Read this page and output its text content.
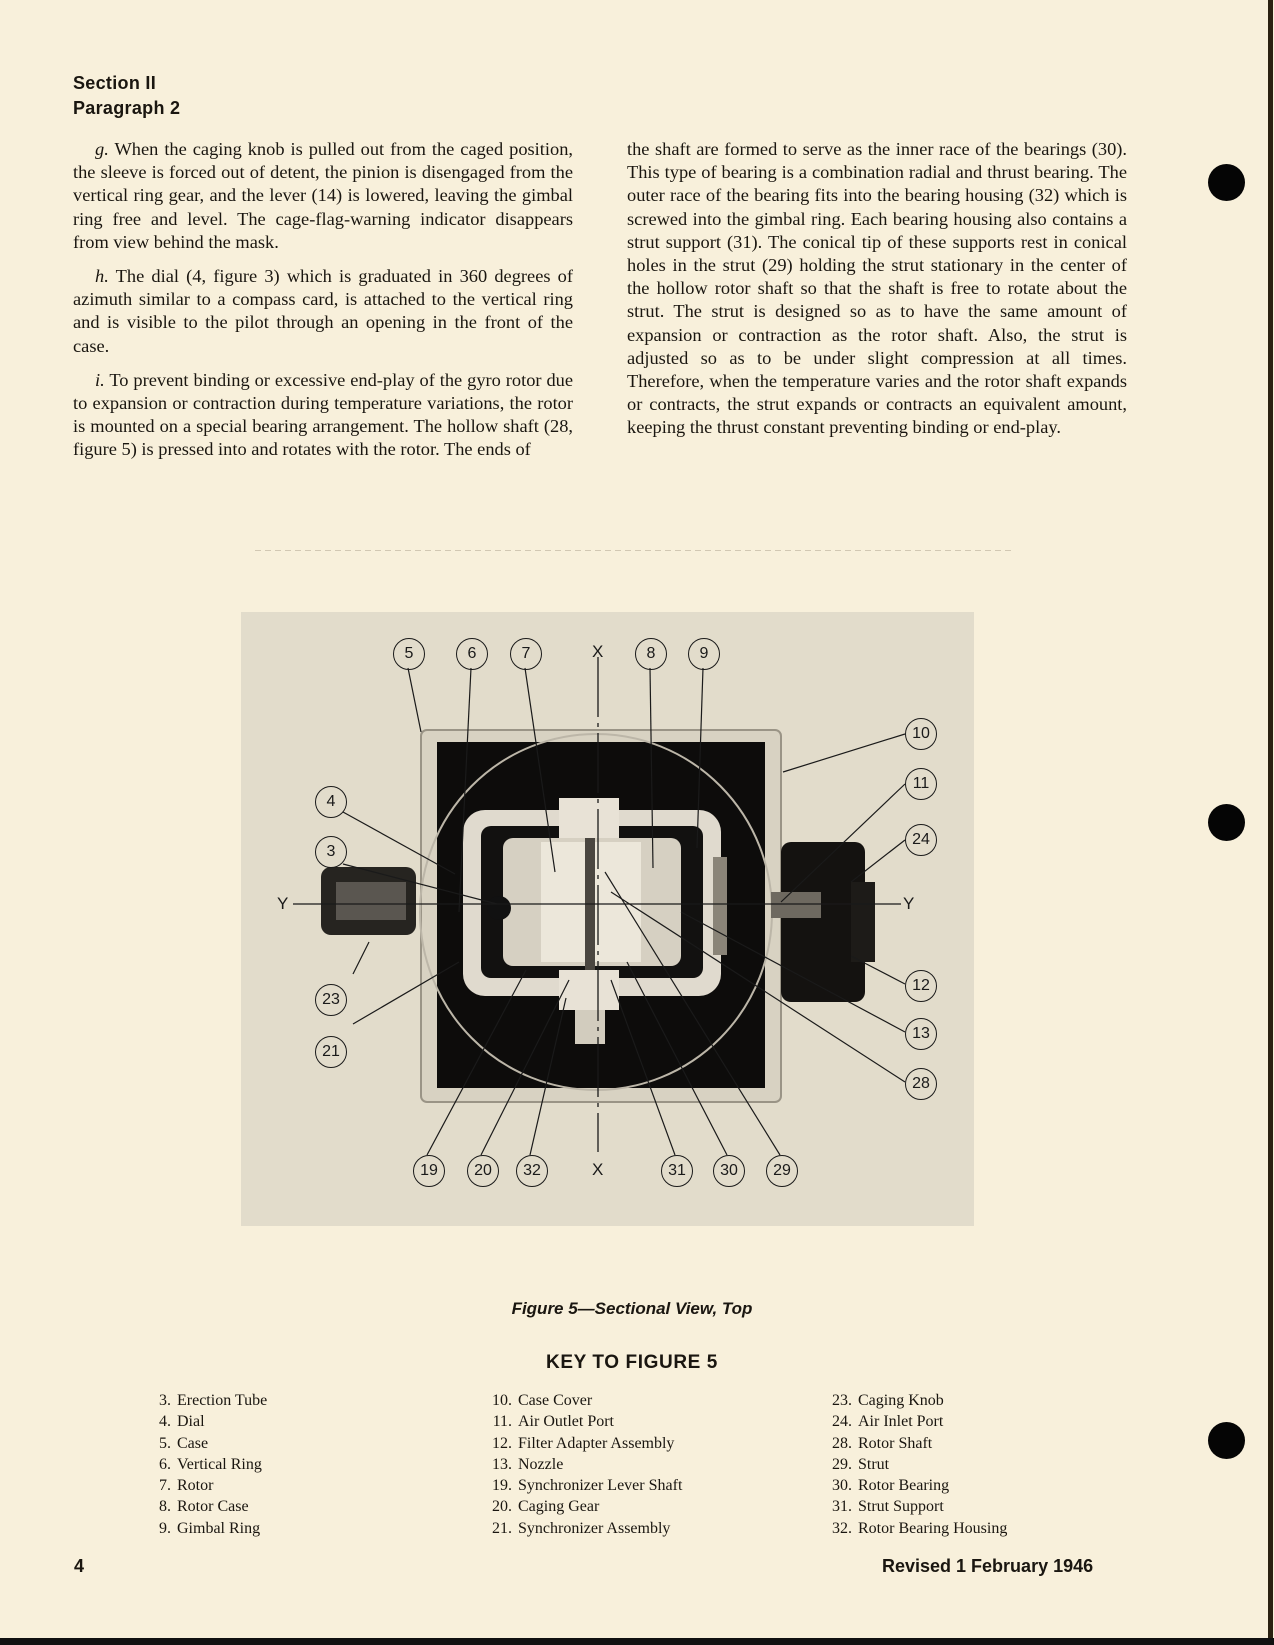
Section II
Paragraph 2

g. When the caging knob is pulled out from the caged position, the sleeve is forced out of detent, the pinion is disengaged from the vertical ring gear, and the lever (14) is lowered, leaving the gimbal ring free and level. The cage-flag-warning indicator disappears from view behind the mask.

h. The dial (4, figure 3) which is graduated in 360 degrees of azimuth similar to a compass card, is attached to the vertical ring and is visible to the pilot through an opening in the front of the case.

i. To prevent binding or excessive end-play of the gyro rotor due to expansion or contraction during temperature variations, the rotor is mounted on a special bearing arrangement. The hollow shaft (28, figure 5) is pressed into and rotates with the rotor. The ends of

the shaft are formed to serve as the inner race of the bearings (30). This type of bearing is a combination radial and thrust bearing. The outer race of the bearing fits into the bearing housing (32) which is screwed into the gimbal ring. Each bearing housing also contains a strut support (31). The conical tip of these supports rest in conical holes in the strut (29) holding the strut stationary in the center of the hollow rotor shaft so that the shaft is free to rotate about the strut. The strut is designed so as to have the same amount of expansion or contraction as the rotor shaft. Also, the strut is adjusted so as to be under slight compression at all times. Therefore, when the temperature varies and the rotor shaft expands or contracts, the strut expands or contracts an equivalent amount, keeping the thrust constant preventing binding or end-play.

5	6	7	X	8	9
4
3
Y
23
21
10
11
24
Y
12
13
28
19	20	32	X	31	30	29
Figure 5—Sectional View, Top
KEY TO FIGURE 5
3. Erection Tube
4. Dial
5. Case
6. Vertical Ring
7. Rotor
8. Rotor Case
9. Gimbal Ring
10. Case Cover
11. Air Outlet Port
12. Filter Adapter Assembly
13. Nozzle
19. Synchronizer Lever Shaft
20. Caging Gear
21. Synchronizer Assembly
23. Caging Knob
24. Air Inlet Port
28. Rotor Shaft
29. Strut
30. Rotor Bearing
31. Strut Support
32. Rotor Bearing Housing
4	Revised 1 February 1946
